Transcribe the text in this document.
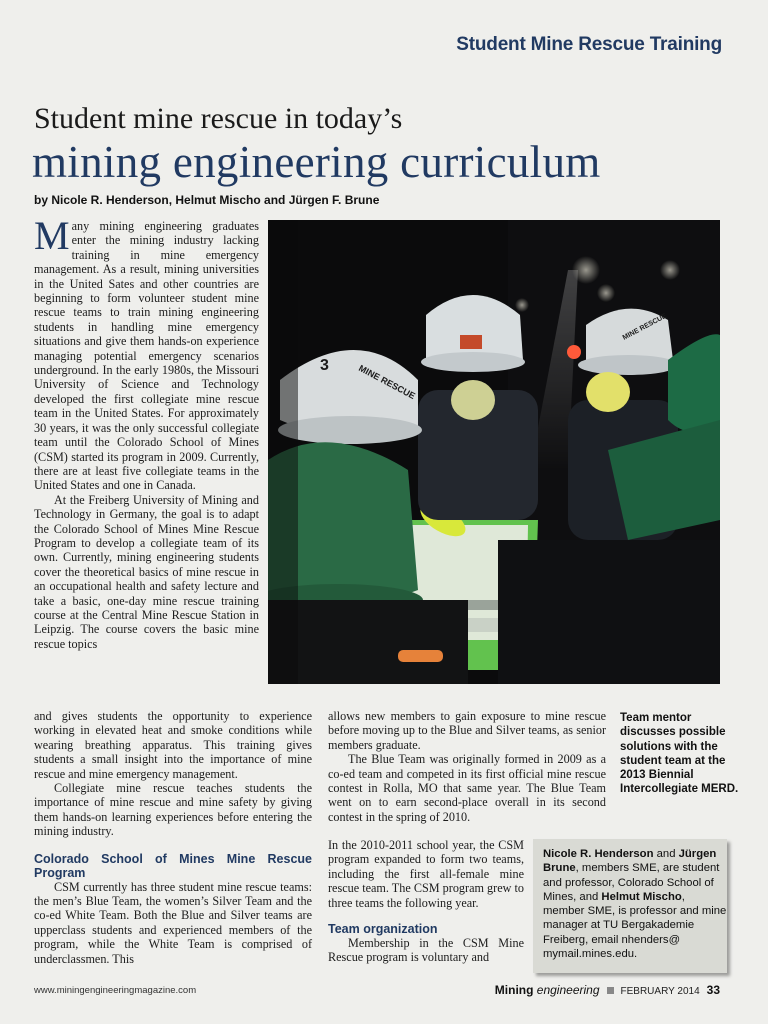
Student Mine Rescue Training
Student mine rescue in today’s
mining engineering curriculum
by Nicole R. Henderson, Helmut Mischo and Jürgen F. Brune

Many mining engineering graduates enter the mining industry lacking training in mine emergency management. As a result, mining universities in the United Sates and other countries are beginning to form volunteer student mine rescue teams to train mining engineering students in handling mine emergency situations and give them hands-on experience managing potential emergency scenarios underground. In the early 1980s, the Missouri University of Science and Technology developed the first collegiate mine rescue team in the United States. For approximately 30 years, it was the only successful collegiate team until the Colorado School of Mines (CSM) started its program in 2009. Currently, there are at least five collegiate teams in the United States and one in Canada.

At the Freiberg University of Mining and Technology in Germany, the goal is to adapt the Colorado School of Mines Mine Rescue Program to develop a collegiate team of its own. Currently, mining engineering students cover the theoretical basics of mine rescue in an occupational health and safety lecture and take a basic, one-day mine rescue training course at the Central Mine Rescue Station in Leipzig. The course covers the basic mine rescue topics

3	MINE RESCUE
MINE RESCUE

and gives students the opportunity to experience working in elevated heat and smoke conditions while wearing breathing apparatus. This training gives students a small insight into the importance of mine rescue and mine emergency management.

Collegiate mine rescue teaches students the importance of mine rescue and mine safety by giving them hands-on learning experiences before entering the mining industry.

Colorado School of Mines Mine Rescue Program

CSM currently has three student mine rescue teams: the men’s Blue Team, the women’s Silver Team and the co-ed White Team. Both the Blue and Silver teams are upperclass students and experienced members of the program, while the White Team is comprised of underclassmen. This

allows new members to gain exposure to mine rescue before moving up to the Blue and Silver teams, as senior members graduate.

The Blue Team was originally formed in 2009 as a co-ed team and competed in its first official mine rescue contest in Rolla, MO that same year. The Blue Team went on to earn second-place overall in its second contest in the spring of 2010.

In the 2010-2011 school year, the CSM program expanded to form two teams, including the first all-female mine rescue team. The CSM program grew to three teams the following year.

Team organization

Membership in the CSM Mine Rescue program is voluntary and

Team mentor discusses possible solutions with the student team at the 2013 Biennial Intercollegiate MERD.
Nicole R. Henderson and Jürgen Brune, members SME, are student and professor, Colorado School of Mines, and Helmut Mischo, member SME, is professor and mine manager at TU Bergakademie Freiberg, email nhenders@ mymail.mines.edu.
www.miningengineeringmagazine.com	Mining engineering FEBRUARY 2014 33
